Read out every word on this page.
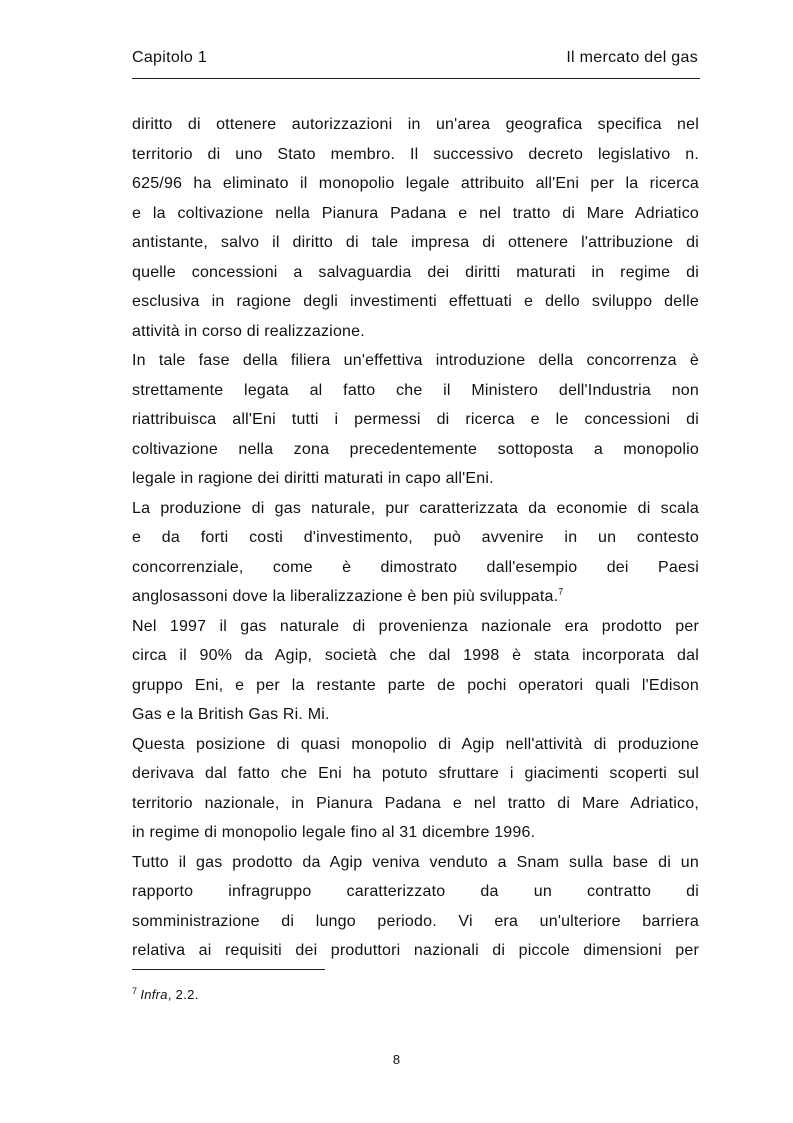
Capitolo 1	Il mercato del gas
diritto di ottenere autorizzazioni in un'area geografica specifica nel
territorio di uno Stato membro. Il successivo decreto legislativo n.
625/96 ha eliminato il monopolio legale attribuito all'Eni per la ricerca
e la coltivazione nella Pianura Padana e nel tratto di Mare Adriatico
antistante, salvo il diritto di tale impresa di ottenere l'attribuzione di
quelle concessioni a salvaguardia dei diritti maturati in regime di
esclusiva in ragione degli investimenti effettuati e dello sviluppo delle
attività in corso di realizzazione.
In tale fase della filiera un'effettiva introduzione della concorrenza è
strettamente legata al fatto che il Ministero dell'Industria non
riattribuisca all'Eni tutti i permessi di ricerca e le concessioni di
coltivazione nella zona precedentemente sottoposta a monopolio
legale in ragione dei diritti maturati in capo all'Eni.
La produzione di gas naturale, pur caratterizzata da economie di scala
e da forti costi d'investimento, può avvenire in un contesto
concorrenziale, come è dimostrato dall'esempio dei Paesi
anglosassoni dove la liberalizzazione è ben più sviluppata.$^7$
Nel 1997 il gas naturale di provenienza nazionale era prodotto per
circa il 90% da Agip, società che dal 1998 è stata incorporata dal
gruppo Eni, e per la restante parte de pochi operatori quali l'Edison
Gas e la British Gas Ri. Mi.
Questa posizione di quasi monopolio di Agip nell'attività di produzione
derivava dal fatto che Eni ha potuto sfruttare i giacimenti scoperti sul
territorio nazionale, in Pianura Padana e nel tratto di Mare Adriatico,
in regime di monopolio legale fino al 31 dicembre 1996.
Tutto il gas prodotto da Agip veniva venduto a Snam sulla base di un
rapporto infragruppo caratterizzato da un contratto di
somministrazione di lungo periodo. Vi era un'ulteriore barriera
relativa ai requisiti dei produttori nazionali di piccole dimensioni per
$^7$ Infra, 2.2.
8
